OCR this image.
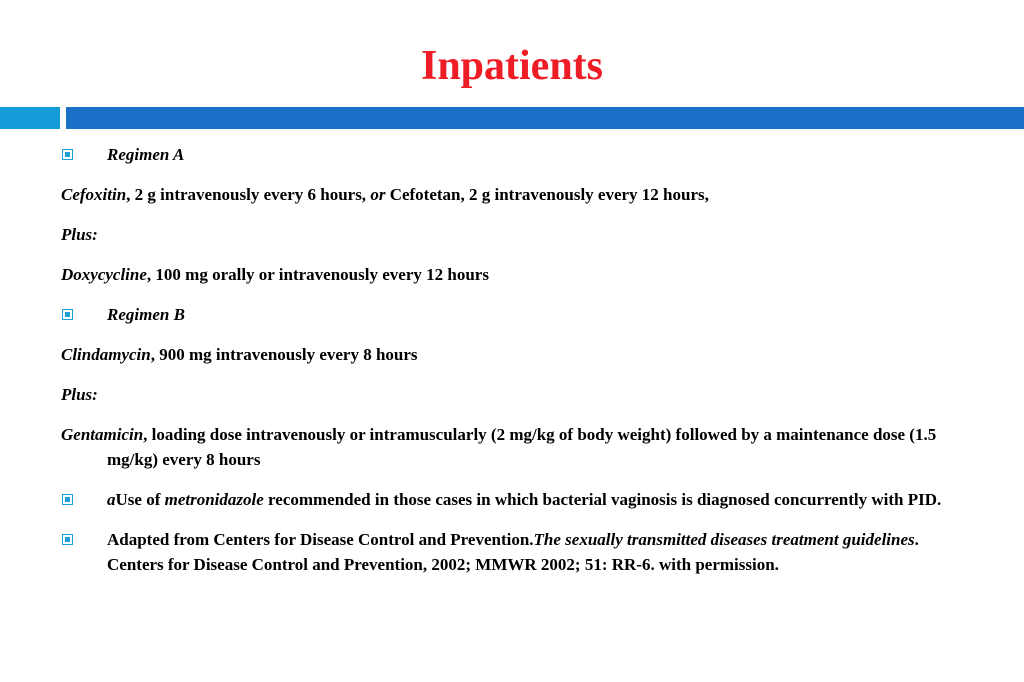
Inpatients
Regimen A
Cefoxitin, 2 g intravenously every 6 hours, or Cefotetan, 2 g intravenously every 12 hours,
Plus:
Doxycycline, 100 mg orally or intravenously every 12 hours
Regimen B
Clindamycin, 900 mg intravenously every 8 hours
Plus:
Gentamicin, loading dose intravenously or intramuscularly (2 mg/kg of body weight) followed by a maintenance dose (1.5 mg/kg) every 8 hours
aUse of metronidazole recommended in those cases in which bacterial vaginosis is diagnosed concurrently with PID.
Adapted from Centers for Disease Control and Prevention.The sexually transmitted diseases treatment guidelines. Centers for Disease Control and Prevention, 2002; MMWR 2002; 51: RR-6. with permission.
